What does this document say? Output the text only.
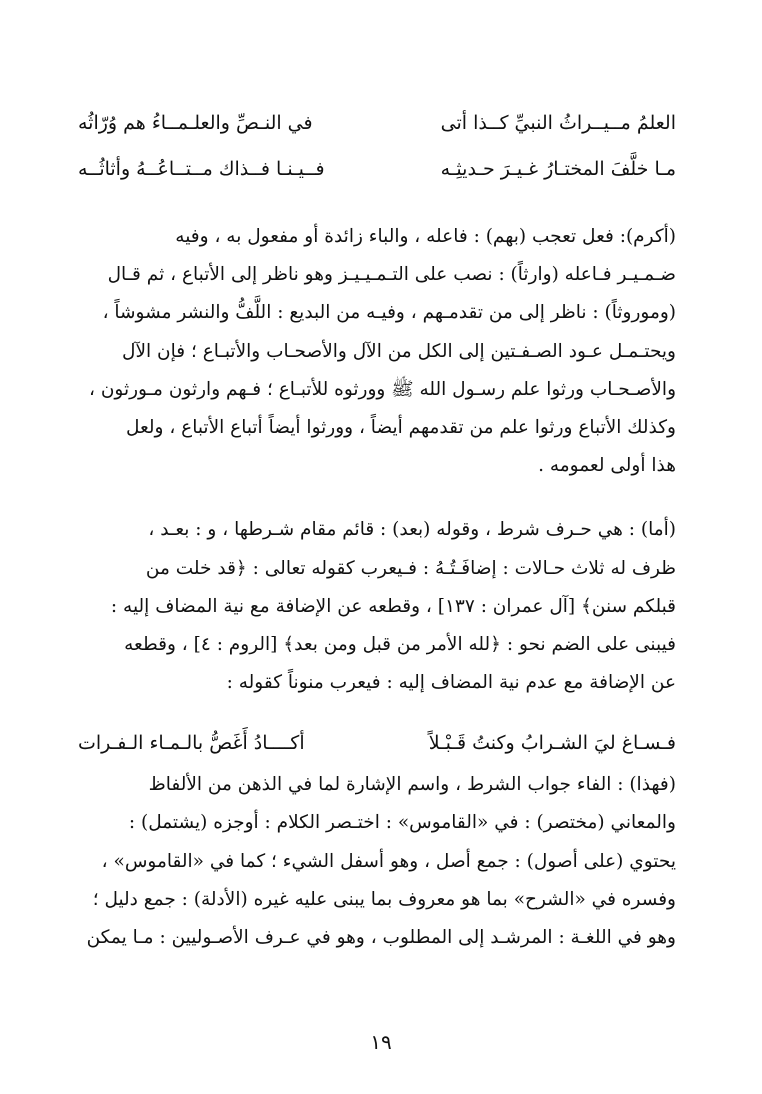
العلمُ مــيــراثُ النبيِّ كــذا أتى
في النـصِّ والعلـمــاءُ هم وُرّاثُه
مـا خلَّفَ المختـارُ غـيـرَ حـديثِـه
فــيـنـا فــذاك مــتــاعُــهُ وأثاثُــه
(أكرم): فعل تعجب (بهم) : فاعله ، والباء زائدة أو مفعول به ، وفيه
ضـمـيـر فـاعله (وارثاً) : نصب على التـمـيـيـز وهو ناظر إلى الأتباع ، ثم قـال
(وموروثاً) : ناظر إلى من تقدمـهم ، وفيـه من البديع : اللَّفُّ والنشر مشوشاً ،
ويحتـمـل عـود الصـفـتين إلى الكل من الآل والأصحـاب والأتبـاع ؛ فإن الآل
والأصـحـاب ورثوا علم رسـول الله ﷺ وورثوه للأتبـاع ؛ فـهم وارثون مـورثون ،
وكذلك الأتباع ورثوا علم من تقدمهم أيضاً ، وورثوا أيضاً أتباع الأتباع ، ولعل
هذا أولى لعمومه .
(أما) : هي حـرف شرط ، وقوله (بعد) : قائم مقام شـرطها ، و : بعـد ،
ظرف له ثلاث حـالات : إضافَـتُـهُ : فـيعرب كقوله تعالى : ﴿قد خلت من
قبلكم سنن﴾ [آل عمران : ١٣٧] ، وقطعه عن الإضافة مع نية المضاف إليه :
فيبنى على الضم نحو : ﴿لله الأمر من قبل ومن بعد﴾ [الروم : ٤] ، وقطعه
عن الإضافة مع عدم نية المضاف إليه : فيعرب منوناً كقوله :
فـسـاغ ليَ الشـرابُ وكنتُ قَـبْـلاً
أكــــادُ أَغَصُّ بالـمـاء الـفـرات
(فهذا) : الفاء جواب الشرط ، واسم الإشارة لما في الذهن من الألفاظ
والمعاني (مختصر) : في «القاموس» : اختـصر الكلام : أوجزه (يشتمل) :
يحتوي (على أصول) : جمع أصل ، وهو أسفل الشيء ؛ كما في «القاموس» ،
وفسره في «الشرح» بما هو معروف بما يبنى عليه غيره (الأدلة) : جمع دليل ؛
وهو في اللغـة : المرشـد إلى المطلوب ، وهو في عـرف الأصـوليين : مـا يمكن
١٩
